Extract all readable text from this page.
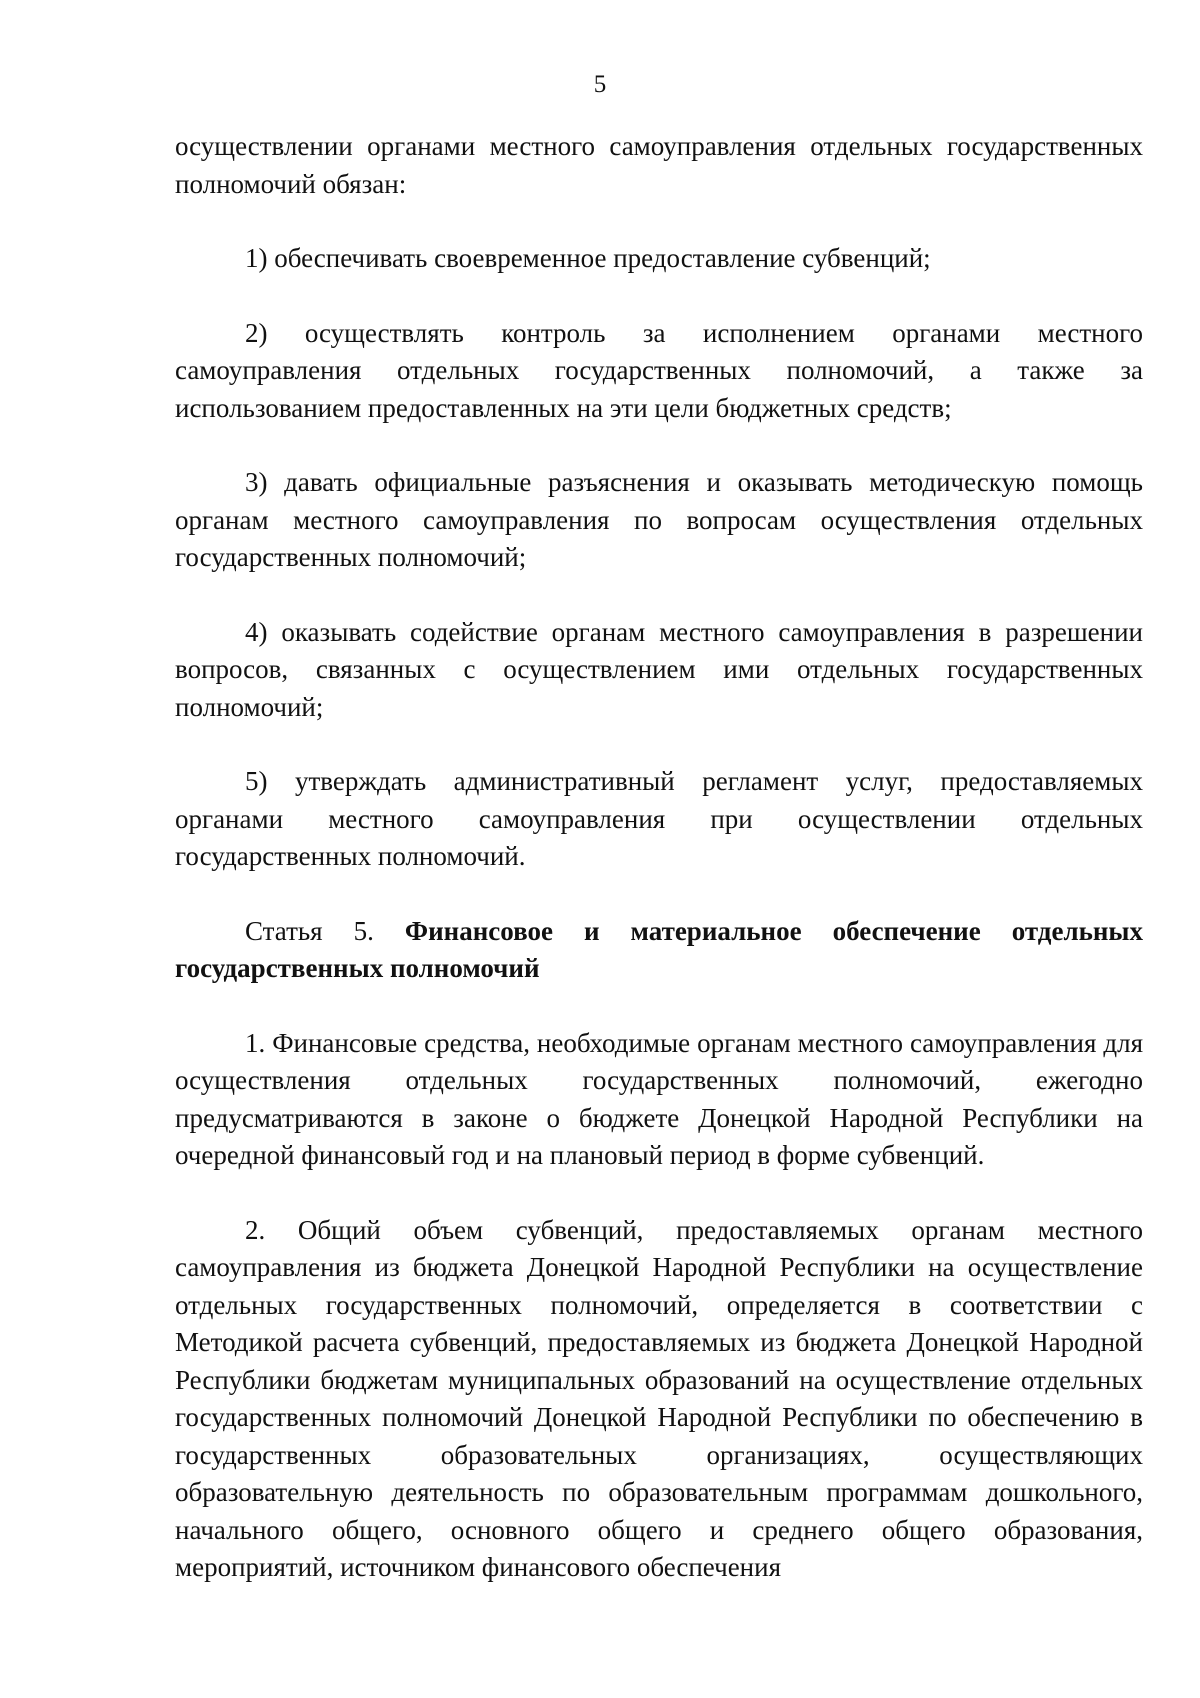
5

осуществлении органами местного самоуправления отдельных государственных полномочий обязан:

1) обеспечивать своевременное предоставление субвенций;

2) осуществлять контроль за исполнением органами местного самоуправления отдельных государственных полномочий, а также за использованием предоставленных на эти цели бюджетных средств;

3) давать официальные разъяснения и оказывать методическую помощь органам местного самоуправления по вопросам осуществления отдельных государственных полномочий;

4) оказывать содействие органам местного самоуправления в разрешении вопросов, связанных с осуществлением ими отдельных государственных полномочий;

5) утверждать административный регламент услуг, предоставляемых органами местного самоуправления при осуществлении отдельных государственных полномочий.

Статья 5. Финансовое и материальное обеспечение отдельных государственных полномочий

1. Финансовые средства, необходимые органам местного самоуправления для осуществления отдельных государственных полномочий, ежегодно предусматриваются в законе о бюджете Донецкой Народной Республики на очередной финансовый год и на плановый период в форме субвенций.

2. Общий объем субвенций, предоставляемых органам местного самоуправления из бюджета Донецкой Народной Республики на осуществление отдельных государственных полномочий, определяется в соответствии с Методикой расчета субвенций, предоставляемых из бюджета Донецкой Народной Республики бюджетам муниципальных образований на осуществление отдельных государственных полномочий Донецкой Народной Республики по обеспечению в государственных образовательных организациях, осуществляющих образовательную деятельность по образовательным программам дошкольного, начального общего, основного общего и среднего общего образования, мероприятий, источником финансового обеспечения
